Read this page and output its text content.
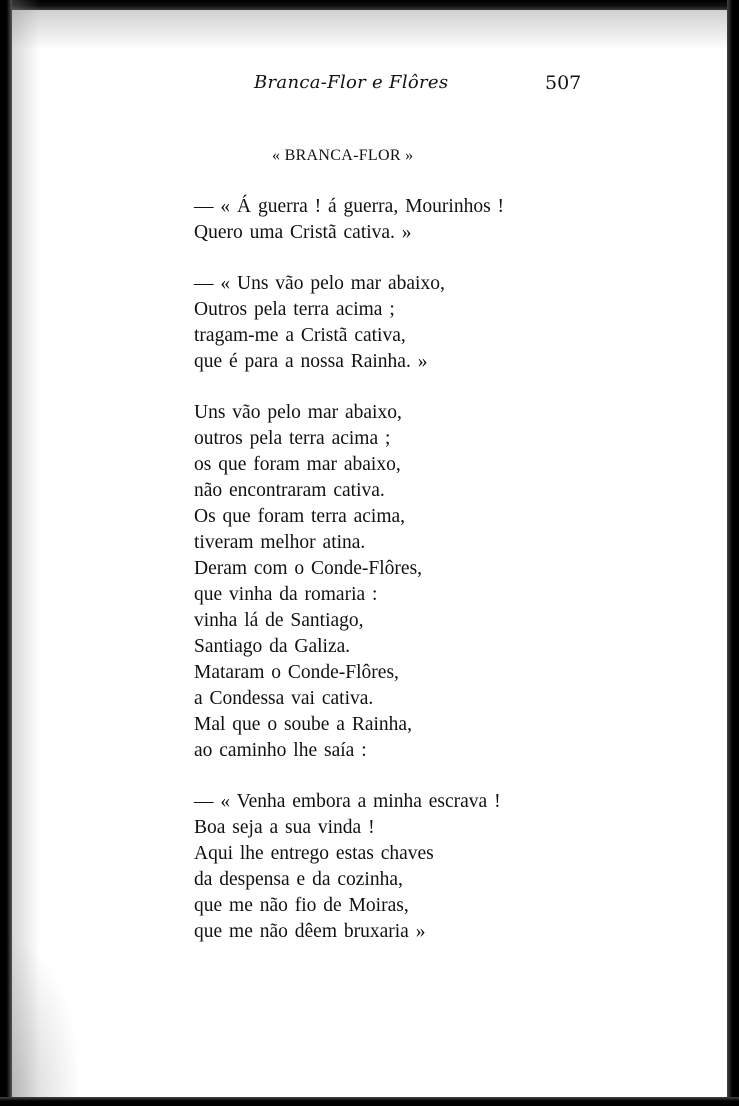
Branca-Flor e Flôres	507
« BRANCA-FLOR »
— « Á guerra ! á guerra, Mourinhos !
Quero uma Cristã cativa. »
— « Uns vão pelo mar abaixo,
Outros pela terra acima ;
tragam-me a Cristã cativa,
que é para a nossa Rainha. »
Uns vão pelo mar abaixo,
outros pela terra acima ;
os que foram mar abaixo,
não encontraram cativa.
Os que foram terra acima,
tiveram melhor atina.
Deram com o Conde-Flôres,
que vinha da romaria :
vinha lá de Santiago,
Santiago da Galiza.
Mataram o Conde-Flôres,
a Condessa vai cativa.
Mal que o soube a Rainha,
ao caminho lhe saía :
— « Venha embora a minha escrava !
Boa seja a sua vinda !
Aqui lhe entrego estas chaves
da despensa e da cozinha,
que me não fio de Moiras,
que me não dêem bruxaria »
